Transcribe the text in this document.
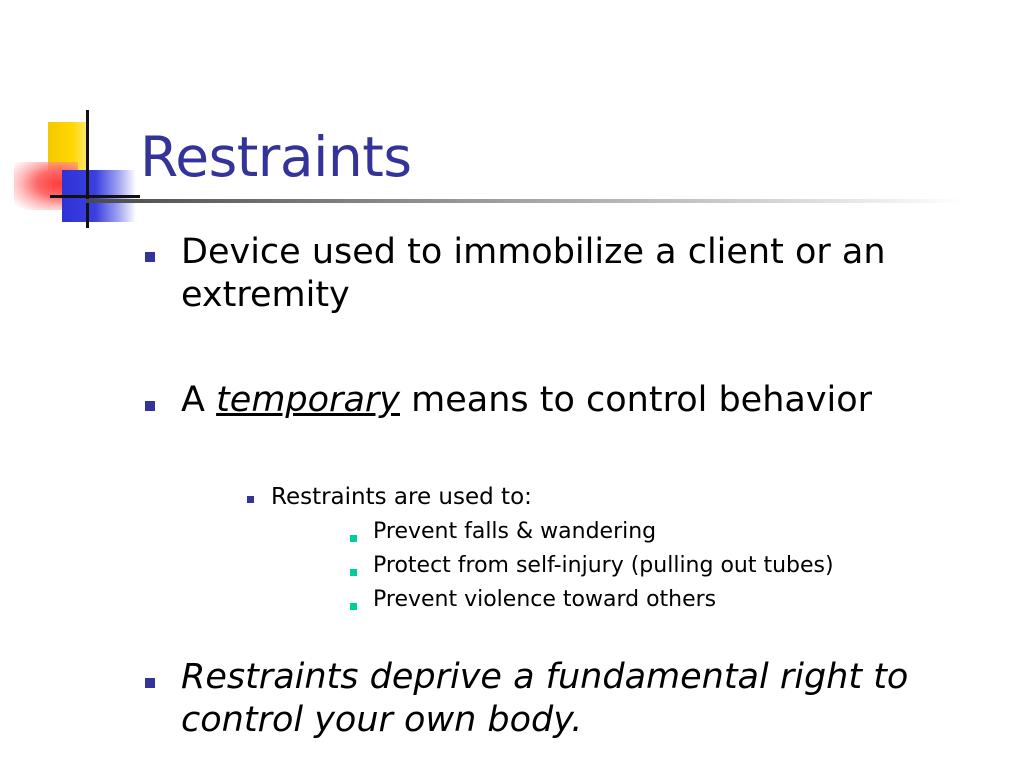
Restraints
Device used to immobilize a client or an extremity
A temporary means to control behavior
Restraints are used to:
Prevent falls & wandering
Protect from self-injury (pulling out tubes)
Prevent violence toward others
Restraints deprive a fundamental right to control your own body.
